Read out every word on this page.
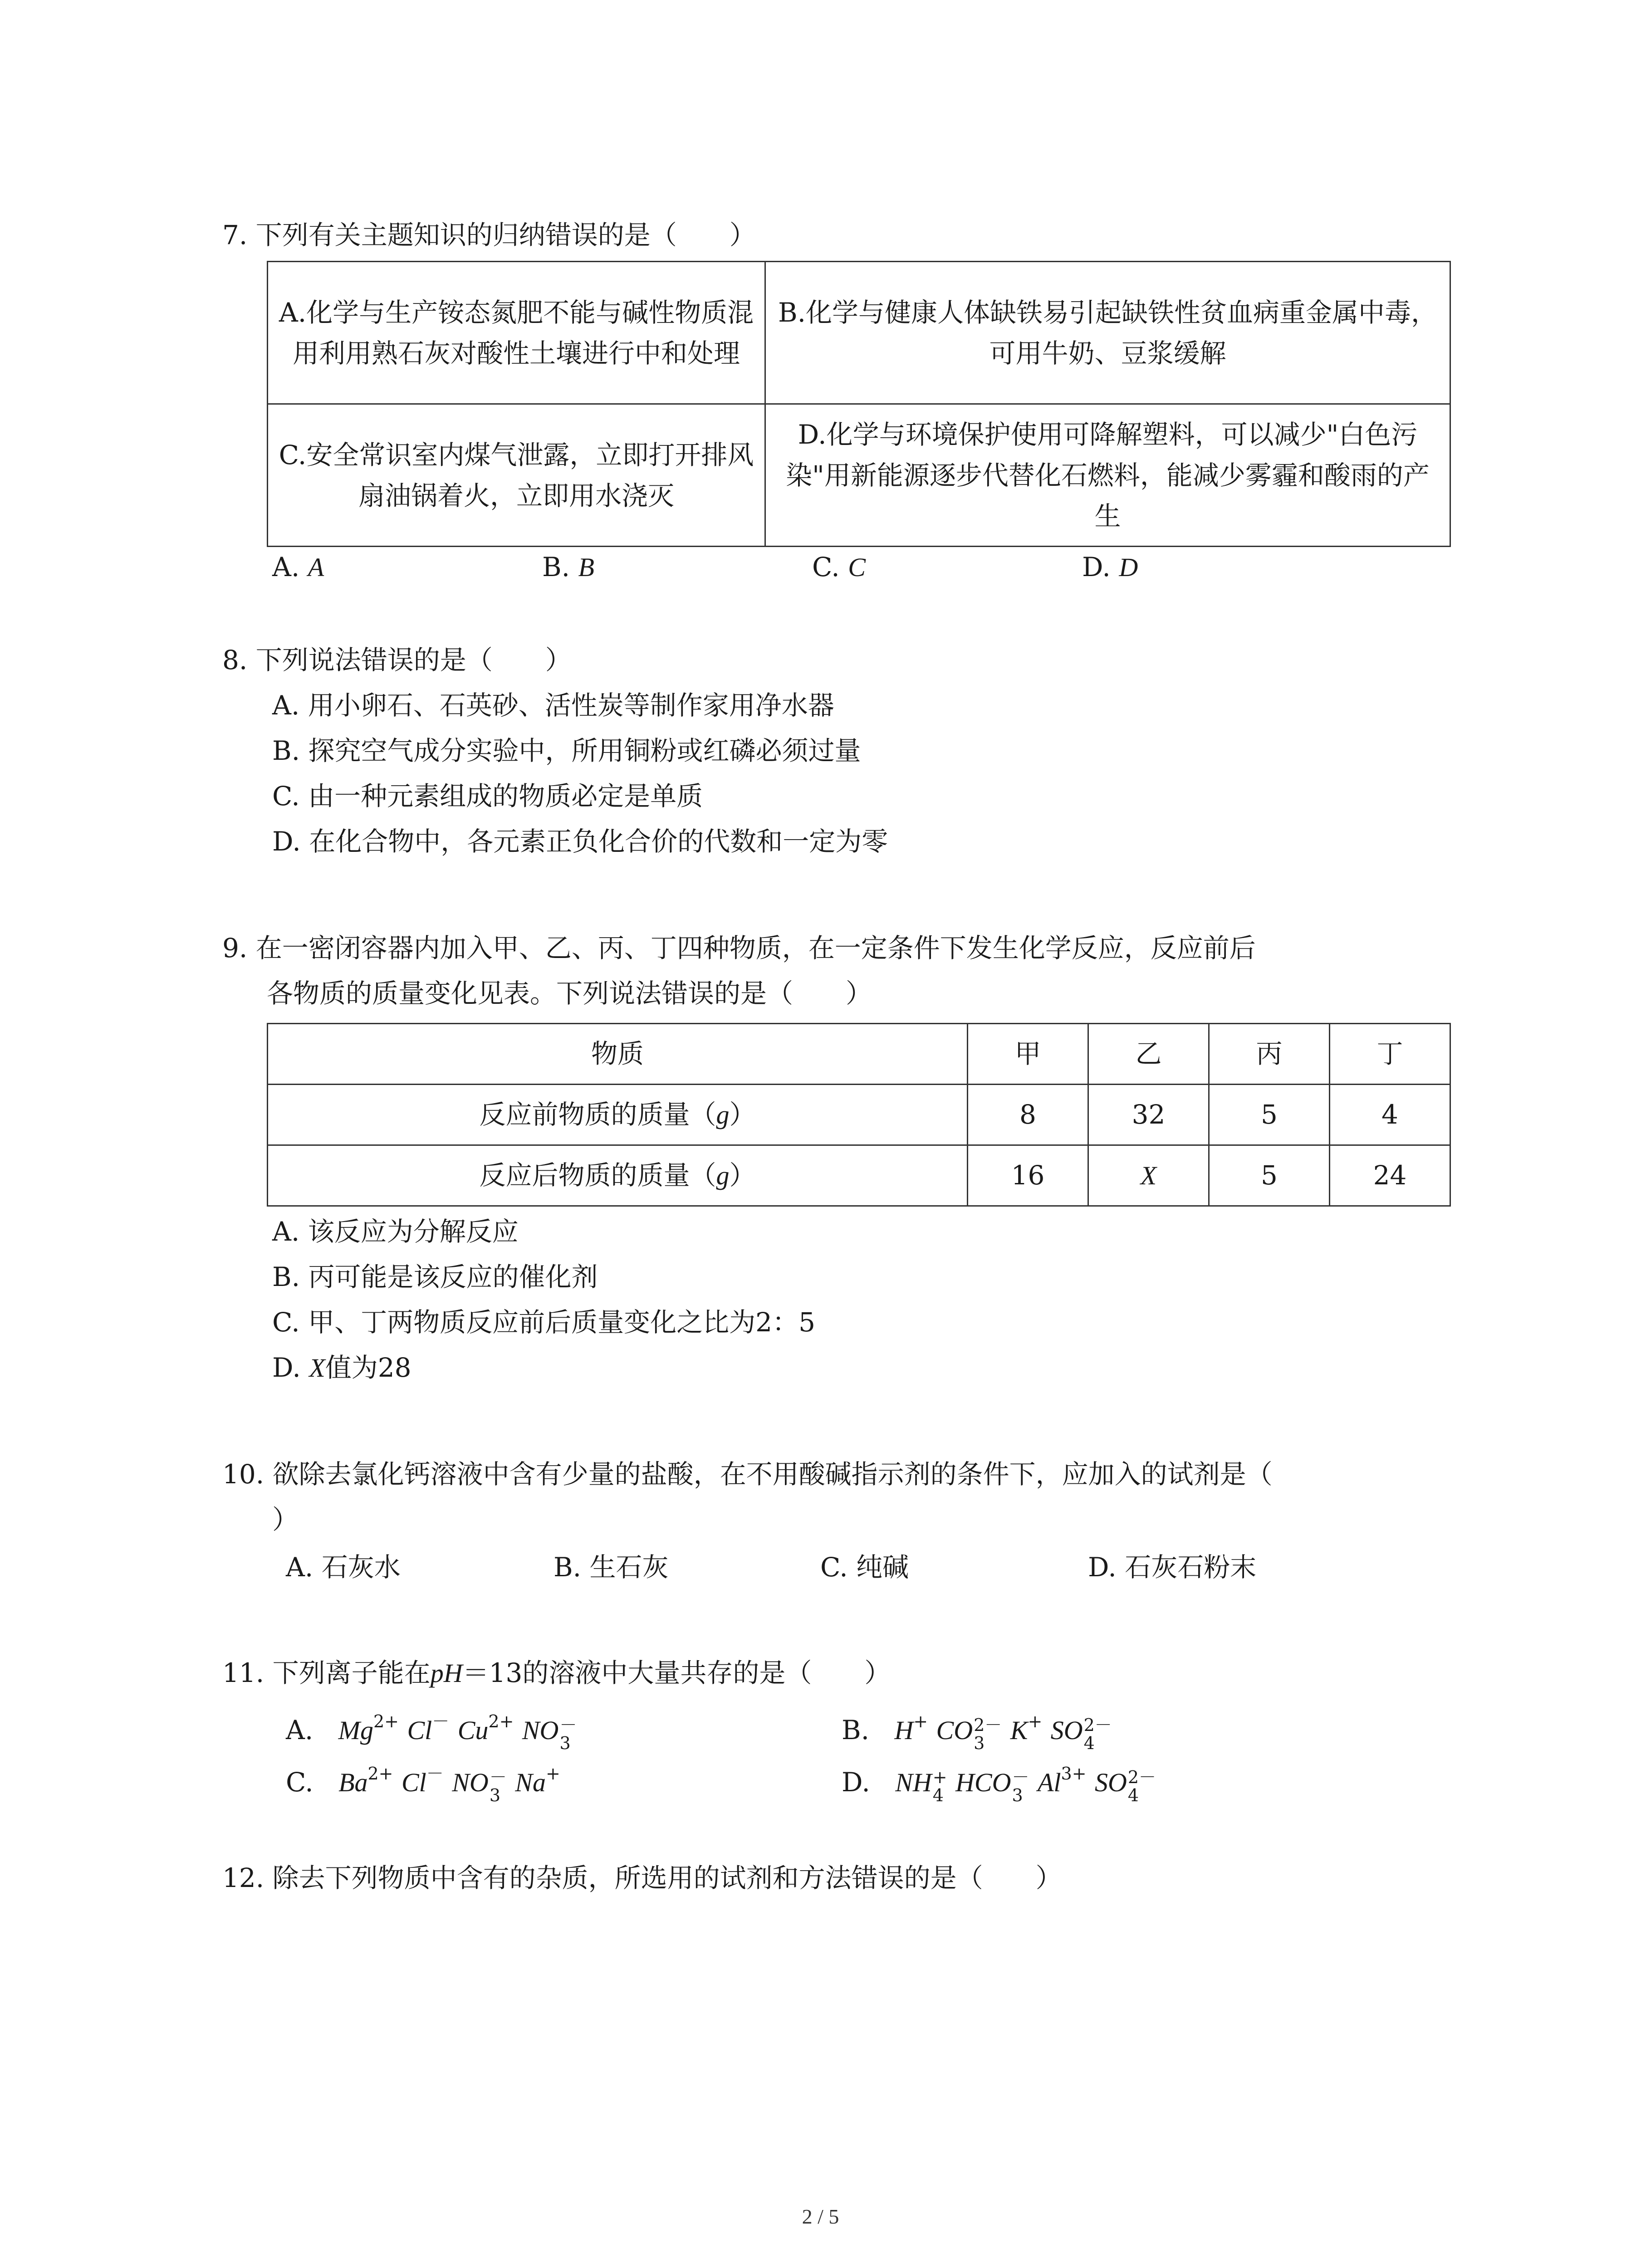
7. 下列有关主题知识的归纳错误的是（　　）
A.化学与生产铵态氮肥不能与碱性物质混用利用熟石灰对酸性土壤进行中和处理	B.化学与健康人体缺铁易引起缺铁性贫血病重金属中毒，可用牛奶、豆浆缓解
C.安全常识室内煤气泄露，立即打开排风扇油锅着火，立即用水浇灭	D.化学与环境保护使用可降解塑料，可以减少"白色污染"用新能源逐步代替化石燃料，能减少雾霾和酸雨的产生
A. A	B. B	C. C	D. D
8. 下列说法错误的是（　　）
A. 用小卵石、石英砂、活性炭等制作家用净水器
B. 探究空气成分实验中，所用铜粉或红磷必须过量
C. 由一种元素组成的物质必定是单质
D. 在化合物中，各元素正负化合价的代数和一定为零
9. 在一密闭容器内加入甲、乙、丙、丁四种物质，在一定条件下发生化学反应，反应前后
各物质的质量变化见表。下列说法错误的是（　　）
物质	甲	乙	丙	丁
反应前物质的质量（g）	8	32	5	4
反应后物质的质量（g）	16	X	5	24
A. 该反应为分解反应
B. 丙可能是该反应的催化剂
C. 甲、丁两物质反应前后质量变化之比为2：5
D. X值为28
10. 欲除去氯化钙溶液中含有少量的盐酸，在不用酸碱指示剂的条件下，应加入的试剂是（
）
A. 石灰水	B. 生石灰	C. 纯碱	D. 石灰石粉末
11. 下列离子能在pH＝13的溶液中大量共存的是（　　）
A. $Mg^{2+}$ Cl－ $Cu^{2+}$ NO －
3	B. H+ CO 2－
3 K+ SO 2－
4
C. $Ba^{2+}$ Cl－ NO －
3 Na+	D. NH +
4 HCO －
3 $Al^{3+}$ SO 2－
4
12. 除去下列物质中含有的杂质，所选用的试剂和方法错误的是（　　）
2 / 5
